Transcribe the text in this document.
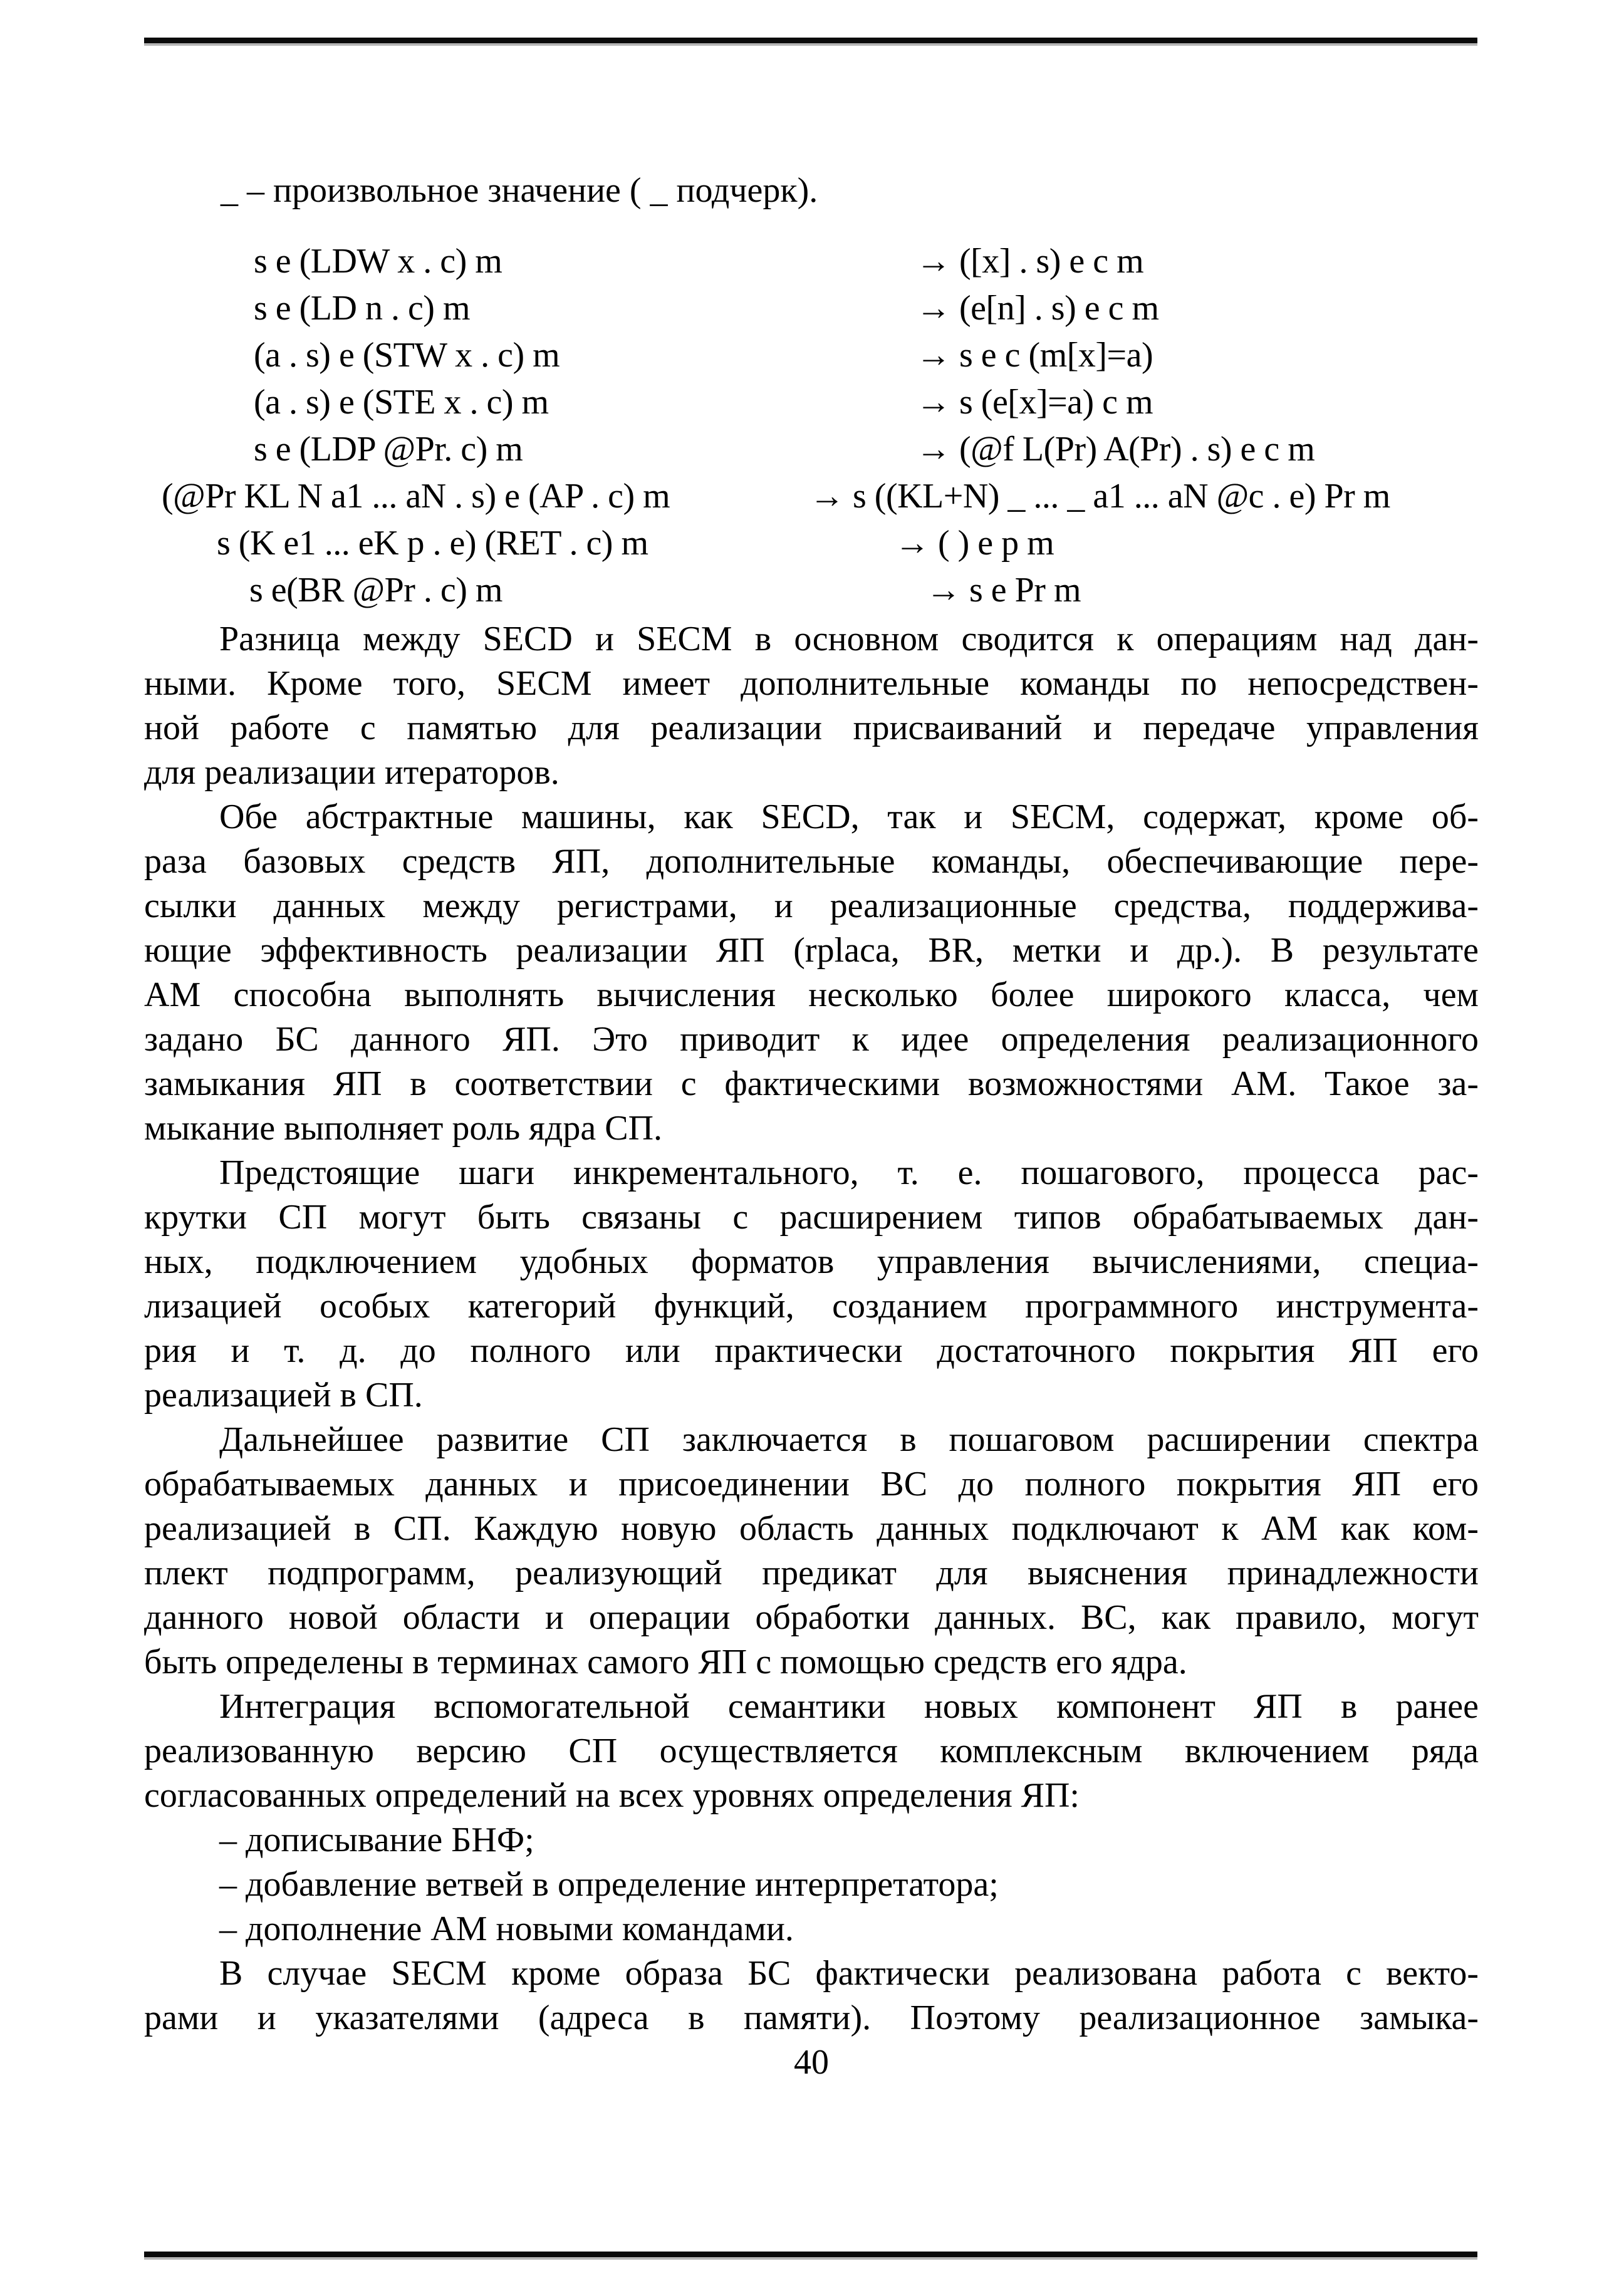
_ – произвольное значение ( _ подчерк).
s e (LDW x . c) m	→ ([x] . s) e c m
s e (LD n . c) m	→ (e[n] . s) e c m
(a . s) e (STW x . c) m	→ s e c (m[x]=a)
(a . s) e (STE x . c) m	→ s (e[x]=a) c m
s e (LDP @Pr. c) m	→ (@f L(Pr) A(Pr) . s) e c m
(@Pr KL N a1 ... aN . s) e (AP . c) m	→ s ((KL+N) _ ... _ a1 ... aN @c . e) Pr m
s (K e1 ... eK p . e) (RET . c) m	→ ( ) e p m
s e(BR @Pr . c) m	→ s e Pr m
Разница между SECD и SECM в основном сводится к операциям над дан-
ными. Кроме того, SECM имеет дополнительные команды по непосредствен-
ной работе с памятью для реализации присваиваний и передаче управления
для реализации итераторов.
Обе абстрактные машины, как SECD, так и SECM, содержат, кроме об-
раза базовых средств ЯП, дополнительные команды, обеспечивающие пере-
сылки данных между регистрами, и реализационные средства, поддержива-
ющие эффективность реализации ЯП (rplaca, BR, метки и др.). В результате
АМ способна выполнять вычисления несколько более широкого класса, чем
задано БС данного ЯП. Это приводит к идее определения реализационного
замыкания ЯП в соответствии с фактическими возможностями АМ. Такое за-
мыкание выполняет роль ядра СП.
Предстоящие шаги инкрементального, т. е. пошагового, процесса рас-
крутки СП могут быть связаны с расширением типов обрабатываемых дан-
ных, подключением удобных форматов управления вычислениями, специа-
лизацией особых категорий функций, созданием программного инструмента-
рия и т. д. до полного или практически достаточного покрытия ЯП его
реализацией в СП.
Дальнейшее развитие СП заключается в пошаговом расширении спектра
обрабатываемых данных и присоединении ВС до полного покрытия ЯП его
реализацией в СП. Каждую новую область данных подключают к АМ как ком-
плект подпрограмм, реализующий предикат для выяснения принадлежности
данного новой области и операции обработки данных. ВС, как правило, могут
быть определены в терминах самого ЯП с помощью средств его ядра.
Интеграция вспомогательной семантики новых компонент ЯП в ранее
реализованную версию СП осуществляется комплексным включением ряда
согласованных определений на всех уровнях определения ЯП:
– дописывание БНФ;
– добавление ветвей в определение интерпретатора;
– дополнение АМ новыми командами.
В случае SECM кроме образа БС фактически реализована работа с векто-
рами и указателями (адреса в памяти). Поэтому реализационное замыка-
40
